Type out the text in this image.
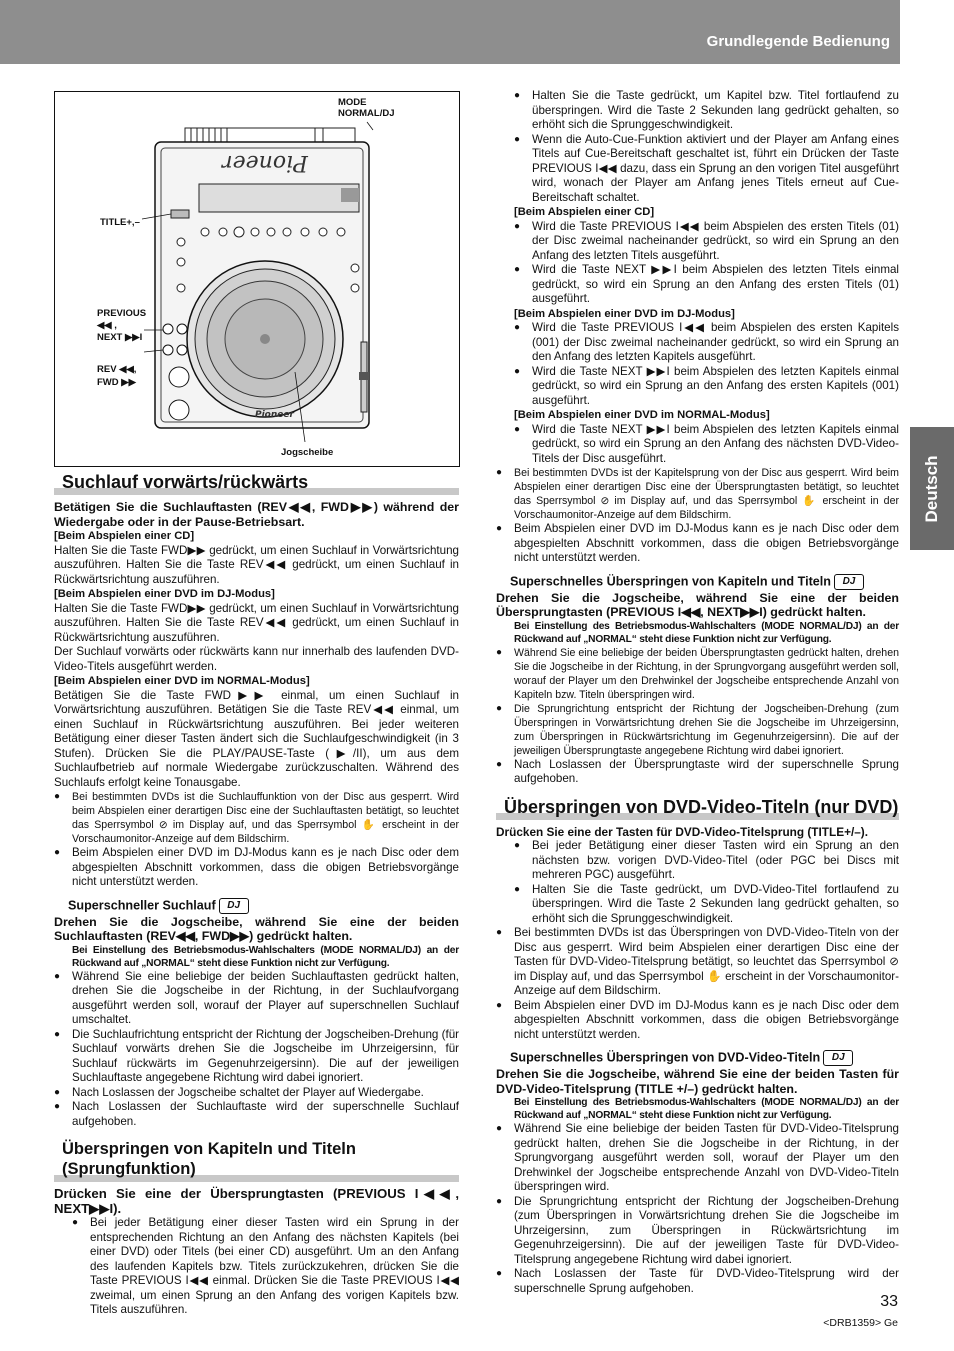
Grundlegende Bedienung
Deutsch
Pioneer
Pioneer
MODE
NORMAL/DJ
TITLE+,–
PREVIOUS
◀◀ ,
NEXT ▶▶I
REV ◀◀,
FWD ▶▶
Jogscheibe
Suchlauf vorwärts/rückwärts

Betätigen Sie die Suchlauftasten (REV◀◀, FWD▶▶) während der Wiedergabe oder in der Pause-Betriebsart.

[Beim Abspielen einer CD]

Halten Sie die Taste FWD▶▶ gedrückt, um einen Suchlauf in Vorwärtsrichtung auszuführen. Halten Sie die Taste REV◀◀ gedrückt, um einen Suchlauf in Rückwärtsrichtung auszuführen.

[Beim Abspielen einer DVD im DJ-Modus]

Halten Sie die Taste FWD▶▶ gedrückt, um einen Suchlauf in Vorwärtsrichtung auszuführen. Halten Sie die Taste REV◀◀ gedrückt, um einen Suchlauf in Rückwärtsrichtung auszuführen.

Der Suchlauf vorwärts oder rückwärts kann nur innerhalb des laufenden DVD-Video-Titels ausgeführt werden.

[Beim Abspielen einer DVD im NORMAL-Modus]

Betätigen Sie die Taste FWD▶▶ einmal, um einen Suchlauf in Vorwärtsrichtung auszuführen. Betätigen Sie die Taste REV◀◀ einmal, um einen Suchlauf in Rückwärtsrichtung auszuführen. Bei jeder weiteren Betätigung einer dieser Tasten ändert sich die Suchlaufgeschwindigkeit (in 3 Stufen). Drücken Sie die PLAY/PAUSE-Taste (▶/II), um aus dem Suchlaufbetrieb auf normale Wiedergabe zurückzuschalten. Während des Suchlaufs erfolgt keine Tonausgabe.

● Bei bestimmten DVDs ist die Suchlauffunktion von der Disc aus gesperrt. Wird beim Abspielen einer derartigen Disc eine der Suchlauftasten betätigt, so leuchtet das Sperrsymbol ⊘ im Display auf, und das Sperrsymbol ✋ erscheint in der Vorschaumonitor-Anzeige auf dem Bildschirm.
● Beim Abspielen einer DVD im DJ-Modus kann es je nach Disc oder dem abgespielten Abschnitt vorkommen, dass die obigen Betriebsvorgänge nicht unterstützt werden.
Superschneller Suchlauf DJ

Drehen Sie die Jogscheibe, während Sie eine der beiden Suchlauftasten (REV◀◀, FWD▶▶) gedrückt halten.

Bei Einstellung des Betriebsmodus-Wahlschalters (MODE NORMAL/DJ) an der Rückwand auf „NORMAL“ steht diese Funktion nicht zur Verfügung.

● Während Sie eine beliebige der beiden Suchlauftasten gedrückt halten, drehen Sie die Jogscheibe in der Richtung, in der Suchlaufvorgang ausgeführt werden soll, worauf der Player auf superschnellen Suchlauf umschaltet.
● Die Suchlaufrichtung entspricht der Richtung der Jogscheiben-Drehung (für Suchlauf vorwärts drehen Sie die Jogscheibe im Uhrzeigersinn, für Suchlauf rückwärts im Gegenuhrzeigersinn). Die auf der jeweiligen Suchlauftaste angegebene Richtung wird dabei ignoriert.
● Nach Loslassen der Jogscheibe schaltet der Player auf Wiedergabe.
● Nach Loslassen der Suchlauftaste wird der superschnelle Suchlauf aufgehoben.
Überspringen von Kapiteln und Titeln (Sprungfunktion)

Drücken Sie eine der Übersprungtasten (PREVIOUS I◀◀, NEXT▶▶I).

● Bei jeder Betätigung einer dieser Tasten wird ein Sprung in der entsprechenden Richtung an den Anfang des nächsten Kapitels (bei einer DVD) oder Titels (bei einer CD) ausgeführt. Um an den Anfang des laufenden Kapitels bzw. Titels zurückzukehren, drücken Sie die Taste PREVIOUS I◀◀ einmal. Drücken Sie die Taste PREVIOUS I◀◀ zweimal, um einen Sprung an den Anfang des vorigen Kapitels bzw. Titels auszuführen.
● Halten Sie die Taste gedrückt, um Kapitel bzw. Titel fortlaufend zu überspringen. Wird die Taste 2 Sekunden lang gedrückt gehalten, so erhöht sich die Sprunggeschwindigkeit.
● Wenn die Auto-Cue-Funktion aktiviert und der Player am Anfang eines Titels auf Cue-Bereitschaft geschaltet ist, führt ein Drücken der Taste PREVIOUS I◀◀ dazu, dass ein Sprung an den vorigen Titel ausgeführt wird, wonach der Player am Anfang jenes Titels erneut auf Cue-Bereitschaft schaltet.
[Beim Abspielen einer CD]
● Wird die Taste PREVIOUS I◀◀ beim Abspielen des ersten Titels (01) der Disc zweimal nacheinander gedrückt, so wird ein Sprung an den Anfang des letzten Titels ausgeführt.
● Wird die Taste NEXT ▶▶I beim Abspielen des letzten Titels einmal gedrückt, so wird ein Sprung an den Anfang des ersten Titels (01) ausgeführt.
[Beim Abspielen einer DVD im DJ-Modus]
● Wird die Taste PREVIOUS I◀◀ beim Abspielen des ersten Kapitels (001) der Disc zweimal nacheinander gedrückt, so wird ein Sprung an den Anfang des letzten Kapitels ausgeführt.
● Wird die Taste NEXT ▶▶I beim Abspielen des letzten Kapitels einmal gedrückt, so wird ein Sprung an den Anfang des ersten Kapitels (001) ausgeführt.
[Beim Abspielen einer DVD im NORMAL-Modus]
● Wird die Taste NEXT ▶▶I beim Abspielen des letzten Kapitels einmal gedrückt, so wird ein Sprung an den Anfang des nächsten DVD-Video-Titels der Disc ausgeführt.
● Bei bestimmten DVDs ist der Kapitelsprung von der Disc aus gesperrt. Wird beim Abspielen einer derartigen Disc eine der Übersprungtasten betätigt, so leuchtet das Sperrsymbol ⊘ im Display auf, und das Sperrsymbol ✋ erscheint in der Vorschaumonitor-Anzeige auf dem Bildschirm.
● Beim Abspielen einer DVD im DJ-Modus kann es je nach Disc oder dem abgespielten Abschnitt vorkommen, dass die obigen Betriebsvorgänge nicht unterstützt werden.
Superschnelles Überspringen von Kapiteln und Titeln DJ

Drehen Sie die Jogscheibe, während Sie eine der beiden Übersprungtasten (PREVIOUS I◀◀, NEXT▶▶I) gedrückt halten.

Bei Einstellung des Betriebsmodus-Wahlschalters (MODE NORMAL/DJ) an der Rückwand auf „NORMAL“ steht diese Funktion nicht zur Verfügung.

● Während Sie eine beliebige der beiden Übersprungtasten gedrückt halten, drehen Sie die Jogscheibe in der Richtung, in der Sprungvorgang ausgeführt werden soll, worauf der Player um den Drehwinkel der Jogscheibe entsprechende Anzahl von Kapiteln bzw. Titeln überspringen wird.
● Die Sprungrichtung entspricht der Richtung der Jogscheiben-Drehung (zum Überspringen in Vorwärtsrichtung drehen Sie die Jogscheibe im Uhrzeigersinn, zum Überspringen in Rückwärtsrichtung im Gegenuhrzeigersinn). Die auf der jeweiligen Übersprungtaste angegebene Richtung wird dabei ignoriert.
● Nach Loslassen der Übersprungtaste wird der superschnelle Sprung aufgehoben.
Überspringen von DVD-Video-Titeln (nur DVD)

Drücken Sie eine der Tasten für DVD-Video-Titelsprung (TITLE+/–).

● Bei jeder Betätigung einer dieser Tasten wird ein Sprung an den nächsten bzw. vorigen DVD-Video-Titel (oder PGC bei Discs mit mehreren PGC) ausgeführt.
● Halten Sie die Taste gedrückt, um DVD-Video-Titel fortlaufend zu überspringen. Wird die Taste 2 Sekunden lang gedrückt gehalten, so erhöht sich die Sprunggeschwindigkeit.
● Bei bestimmten DVDs ist das Überspringen von DVD-Video-Titeln von der Disc aus gesperrt. Wird beim Abspielen einer derartigen Disc eine der Tasten für DVD-Video-Titelsprung betätigt, so leuchtet das Sperrsymbol ⊘ im Display auf, und das Sperrsymbol ✋ erscheint in der Vorschaumonitor-Anzeige auf dem Bildschirm.
● Beim Abspielen einer DVD im DJ-Modus kann es je nach Disc oder dem abgespielten Abschnitt vorkommen, dass die obigen Betriebsvorgänge nicht unterstützt werden.
Superschnelles Überspringen von DVD-Video-Titeln DJ

Drehen Sie die Jogscheibe, während Sie eine der beiden Tasten für DVD-Video-Titelsprung (TITLE +/–) gedrückt halten.

Bei Einstellung des Betriebsmodus-Wahlschalters (MODE NORMAL/DJ) an der Rückwand auf „NORMAL“ steht diese Funktion nicht zur Verfügung.

● Während Sie eine beliebige der beiden Tasten für DVD-Video-Titelsprung gedrückt halten, drehen Sie die Jogscheibe in der Richtung, in der Sprungvorgang ausgeführt werden soll, worauf der Player um den Drehwinkel der Jogscheibe entsprechende Anzahl von DVD-Video-Titeln überspringen wird.
● Die Sprungrichtung entspricht der Richtung der Jogscheiben-Drehung (zum Überspringen in Vorwärtsrichtung drehen Sie die Jogscheibe im Uhrzeigersinn, zum Überspringen in Rückwärtsrichtung im Gegenuhrzeigersinn). Die auf der jeweiligen Taste für DVD-Video-Titelsprung angegebene Richtung wird dabei ignoriert.
● Nach Loslassen der Taste für DVD-Video-Titelsprung wird der superschnelle Sprung aufgehoben.
33
<DRB1359> Ge
